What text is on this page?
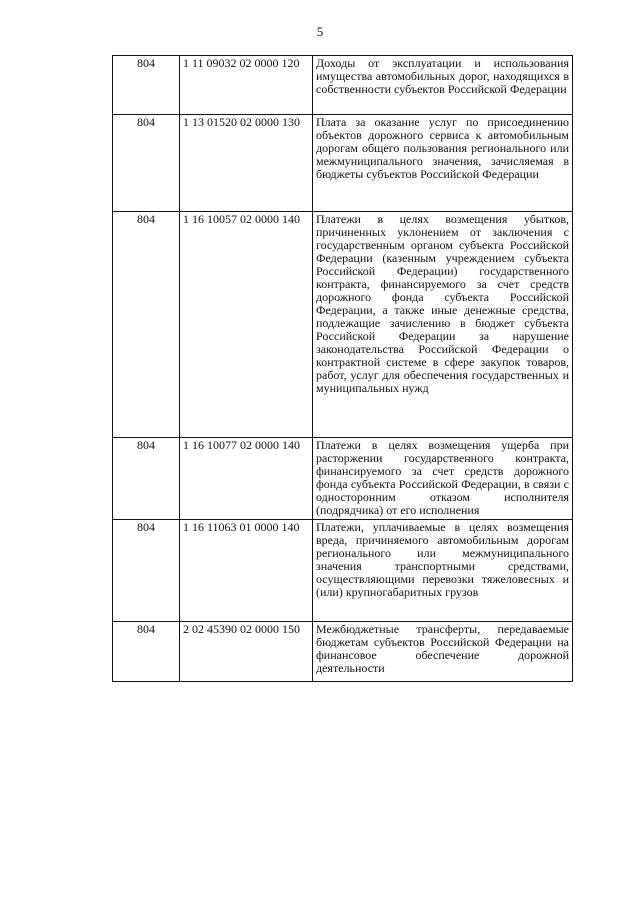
5
804	1 11 09032 02 0000 120	Доходы от эксплуатации и использования имущества автомобильных дорог, находящихся в собственности субъектов Российской Федерации
804	1 13 01520 02 0000 130	Плата за оказание услуг по присоединению объектов дорожного сервиса к автомобильным дорогам общего пользования регионального или межмуниципального значения, зачисляемая в бюджеты субъектов Российской Федерации
804	1 16 10057 02 0000 140	Платежи в целях возмещения убытков, причиненных уклонением от заключения с государственным органом субъекта Российской Федерации (казенным учреждением субъекта Российской Федерации) государственного контракта, финансируемого за счет средств дорожного фонда субъекта Российской Федерации, а также иные денежные средства, подлежащие зачислению в бюджет субъекта Российской Федерации за нарушение законодательства Российской Федерации о контрактной системе в сфере закупок товаров, работ, услуг для обеспечения государственных и муниципальных нужд
804	1 16 10077 02 0000 140	Платежи в целях возмещения ущерба при расторжении государственного контракта, финансируемого за счет средств дорожного фонда субъекта Российской Федерации, в связи с односторонним отказом исполнителя (подрядчика) от его исполнения
804	1 16 11063 01 0000 140	Платежи, уплачиваемые в целях возмещения вреда, причиняемого автомобильным дорогам регионального или межмуниципального значения транспортными средствами, осуществляющими перевозки тяжеловесных и (или) крупногабаритных грузов
804	2 02 45390 02 0000 150	Межбюджетные трансферты, передаваемые бюджетам субъектов Российской Федерации на финансовое обеспечение дорожной деятельности
